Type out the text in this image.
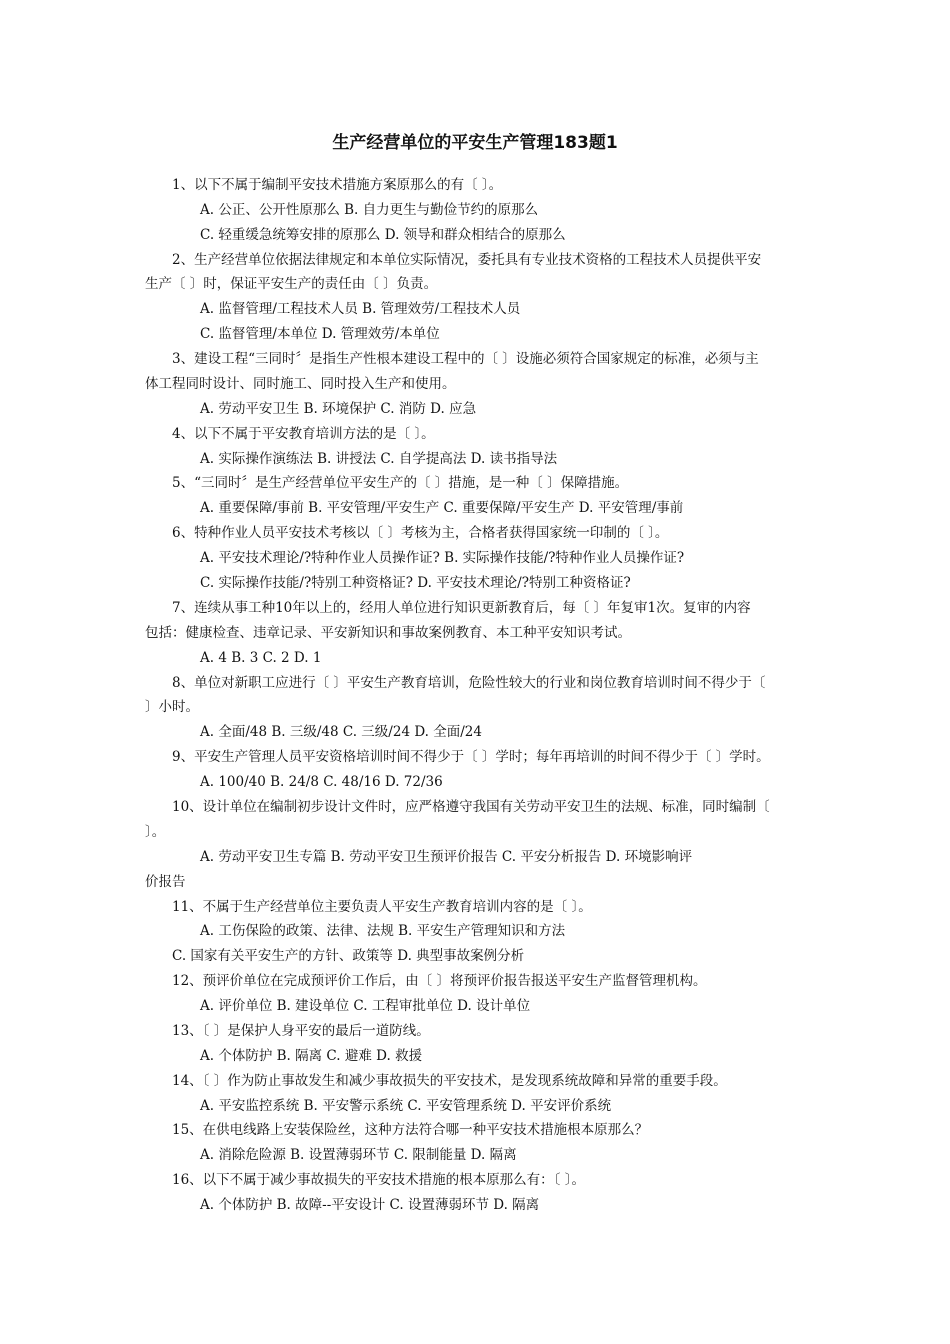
生产经营单位的平安生产管理183题1
1、以下不属于编制平安技术措施方案原那么的有〔 〕。
A. 公正、公开性原那么 B. 自力更生与勤俭节约的原那么
C. 轻重缓急统筹安排的原那么 D. 领导和群众相结合的原那么
2、生产经营单位依据法律规定和本单位实际情况，委托具有专业技术资格的工程技术人员提供平安
生产〔 〕时，保证平安生产的责任由〔 〕负责。
A. 监督管理/工程技术人员 B. 管理效劳/工程技术人员
C. 监督管理/本单位 D. 管理效劳/本单位
3、建设工程“三同时〞是指生产性根本建设工程中的〔 〕设施必须符合国家规定的标准，必须与主
体工程同时设计、同时施工、同时投入生产和使用。
A. 劳动平安卫生 B. 环境保护 C. 消防 D. 应急
4、以下不属于平安教育培训方法的是〔 〕。
A. 实际操作演练法 B. 讲授法 C. 自学提高法 D. 读书指导法
5、“三同时〞是生产经营单位平安生产的〔 〕措施，是一种〔 〕保障措施。
A. 重要保障/事前 B. 平安管理/平安生产 C. 重要保障/平安生产 D. 平安管理/事前
6、特种作业人员平安技术考核以〔 〕考核为主，合格者获得国家统一印制的〔 〕。
A. 平安技术理论/?特种作业人员操作证? B. 实际操作技能/?特种作业人员操作证?
C. 实际操作技能/?特别工种资格证? D. 平安技术理论/?特别工种资格证?
7、连续从事工种10年以上的，经用人单位进行知识更新教育后，每〔 〕年复审1次。复审的内容
包括：健康检查、违章记录、平安新知识和事故案例教育、本工种平安知识考试。
A. 4 B. 3 C. 2 D. 1
8、单位对新职工应进行〔 〕平安生产教育培训，危险性较大的行业和岗位教育培训时间不得少于〔
〕小时。
A. 全面/48 B. 三级/48 C. 三级/24 D. 全面/24
9、平安生产管理人员平安资格培训时间不得少于〔 〕学时；每年再培训的时间不得少于〔 〕学时。
A. 100/40 B. 24/8 C. 48/16 D. 72/36
10、设计单位在编制初步设计文件时，应严格遵守我国有关劳动平安卫生的法规、标准，同时编制〔
〕。
A. 劳动平安卫生专篇 B. 劳动平安卫生预评价报告 C. 平安分析报告 D. 环境影响评
价报告
11、不属于生产经营单位主要负责人平安生产教育培训内容的是〔 〕。
A. 工伤保险的政策、法律、法规 B. 平安生产管理知识和方法
C. 国家有关平安生产的方针、政策等 D. 典型事故案例分析
12、预评价单位在完成预评价工作后，由〔 〕将预评价报告报送平安生产监督管理机构。
A. 评价单位 B. 建设单位 C. 工程审批单位 D. 设计单位
13、〔 〕是保护人身平安的最后一道防线。
A. 个体防护 B. 隔离 C. 避难 D. 救援
14、〔 〕作为防止事故发生和减少事故损失的平安技术，是发现系统故障和异常的重要手段。
A. 平安监控系统 B. 平安警示系统 C. 平安管理系统 D. 平安评价系统
15、在供电线路上安装保险丝，这种方法符合哪一种平安技术措施根本原那么？
A. 消除危险源 B. 设置薄弱环节 C. 限制能量 D. 隔离
16、以下不属于减少事故损失的平安技术措施的根本原那么有：〔 〕。
A. 个体防护 B. 故障--平安设计 C. 设置薄弱环节 D. 隔离
